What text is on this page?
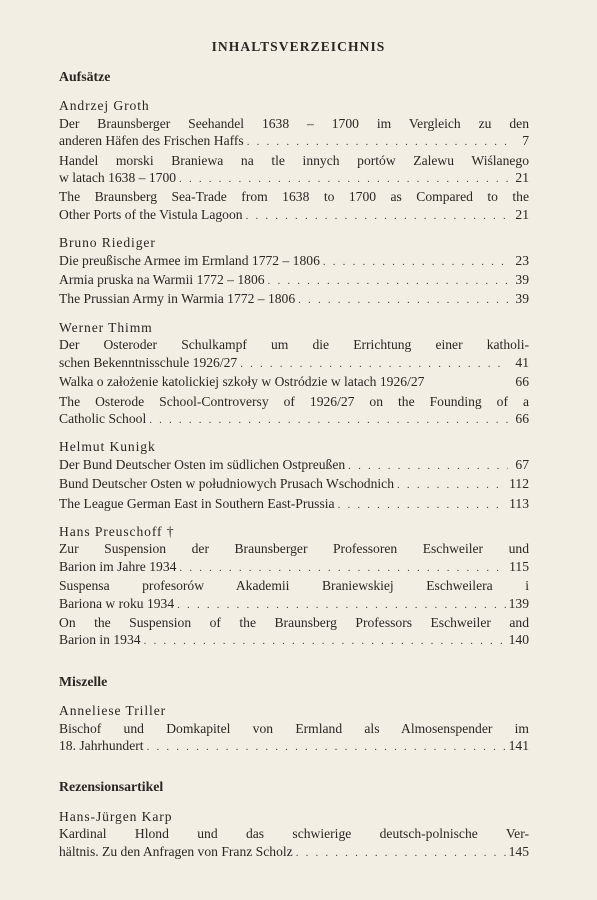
INHALTSVERZEICHNIS
Aufsätze
Andrzej Groth
Der Braunsberger Seehandel 1638 – 1700 im Vergleich zu den
anderen Häfen des Frischen Haffs . . .	7
Handel morski Braniewa na tle innych portów Zalewu Wiślanego
w latach 1638 – 1700 . . .	21
The Braunsberg Sea-Trade from 1638 to 1700 as Compared to the
Other Ports of the Vistula Lagoon . . .	21
Bruno Riediger
Die preußische Armee im Ermland 1772 – 1806 . . .	23
Armia pruska na Warmii 1772 – 1806 . . .	39
The Prussian Army in Warmia 1772 – 1806 . . .	39
Werner Thimm
Der Osteroder Schulkampf um die Errichtung einer katholi-
schen Bekenntnisschule 1926/27 . . .	41
Walka o założenie katolickiej szkoły w Ostródzie w latach 1926/27	66
The Osterode School-Controversy of 1926/27 on the Founding of a
Catholic School . . .	66
Helmut Kunigk
Der Bund Deutscher Osten im südlichen Ostpreußen . . .	67
Bund Deutscher Osten w południowych Prusach Wschodnich . . .	112
The League German East in Southern East-Prussia . . .	113
Hans Preuschoff †
Zur Suspension der Braunsberger Professoren Eschweiler und
Barion im Jahre 1934 . . .	115
Suspensa profesorów Akademii Braniewskiej Eschweilera i
Bariona w roku 1934 . . .	139
On the Suspension of the Braunsberg Professors Eschweiler and
Barion in 1934 . . .	140
Miszelle
Anneliese Triller
Bischof und Domkapitel von Ermland als Almosenspender im
18. Jahrhundert . . .	141
Rezensionsartikel
Hans-Jürgen Karp
Kardinal Hlond und das schwierige deutsch-polnische Ver-
hältnis. Zu den Anfragen von Franz Scholz . . .	145
